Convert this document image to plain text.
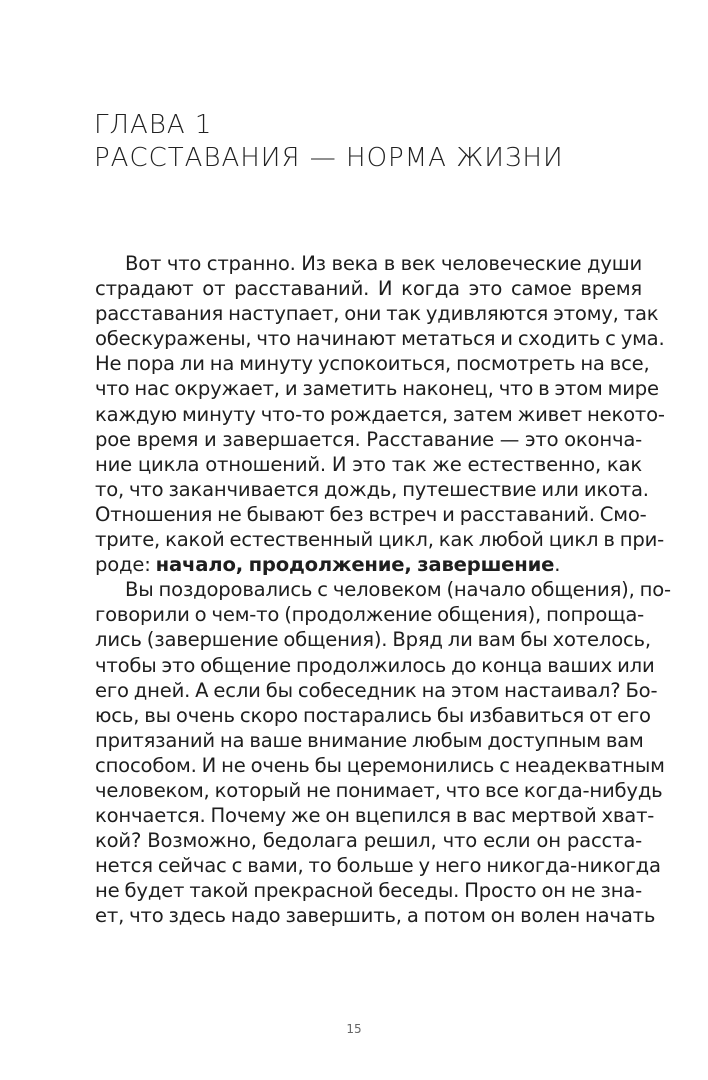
ГЛАВА 1
РАССТАВАНИЯ — НОРМА ЖИЗНИ
Вот что странно. Из века в век человеческие души
страдают от расставаний. И когда это самое время
расставания наступает, они так удивляются этому, так
обескуражены, что начинают метаться и сходить с ума.
Не пора ли на минуту успокоиться, посмотреть на все,
что нас окружает, и заметить наконец, что в этом мире
каждую минуту что-то рождается, затем живет некото-
рое время и завершается. Расставание — это оконча-
ние цикла отношений. И это так же естественно, как
то, что заканчивается дождь, путешествие или икота.
Отношения не бывают без встреч и расставаний. Смо-
трите, какой естественный цикл, как любой цикл в при-
роде: начало, продолжение, завершение.
Вы поздоровались с человеком (начало общения), по-
говорили о чем-то (продолжение общения), попроща-
лись (завершение общения). Вряд ли вам бы хотелось,
чтобы это общение продолжилось до конца ваших или
его дней. А если бы собеседник на этом настаивал? Бо-
юсь, вы очень скоро постарались бы избавиться от его
притязаний на ваше внимание любым доступным вам
способом. И не очень бы церемонились с неадекватным
человеком, который не понимает, что все когда-нибудь
кончается. Почему же он вцепился в вас мертвой хват-
кой? Возможно, бедолага решил, что если он расста-
нется сейчас с вами, то больше у него никогда-никогда
не будет такой прекрасной беседы. Просто он не зна-
ет, что здесь надо завершить, а потом он волен начать
15
